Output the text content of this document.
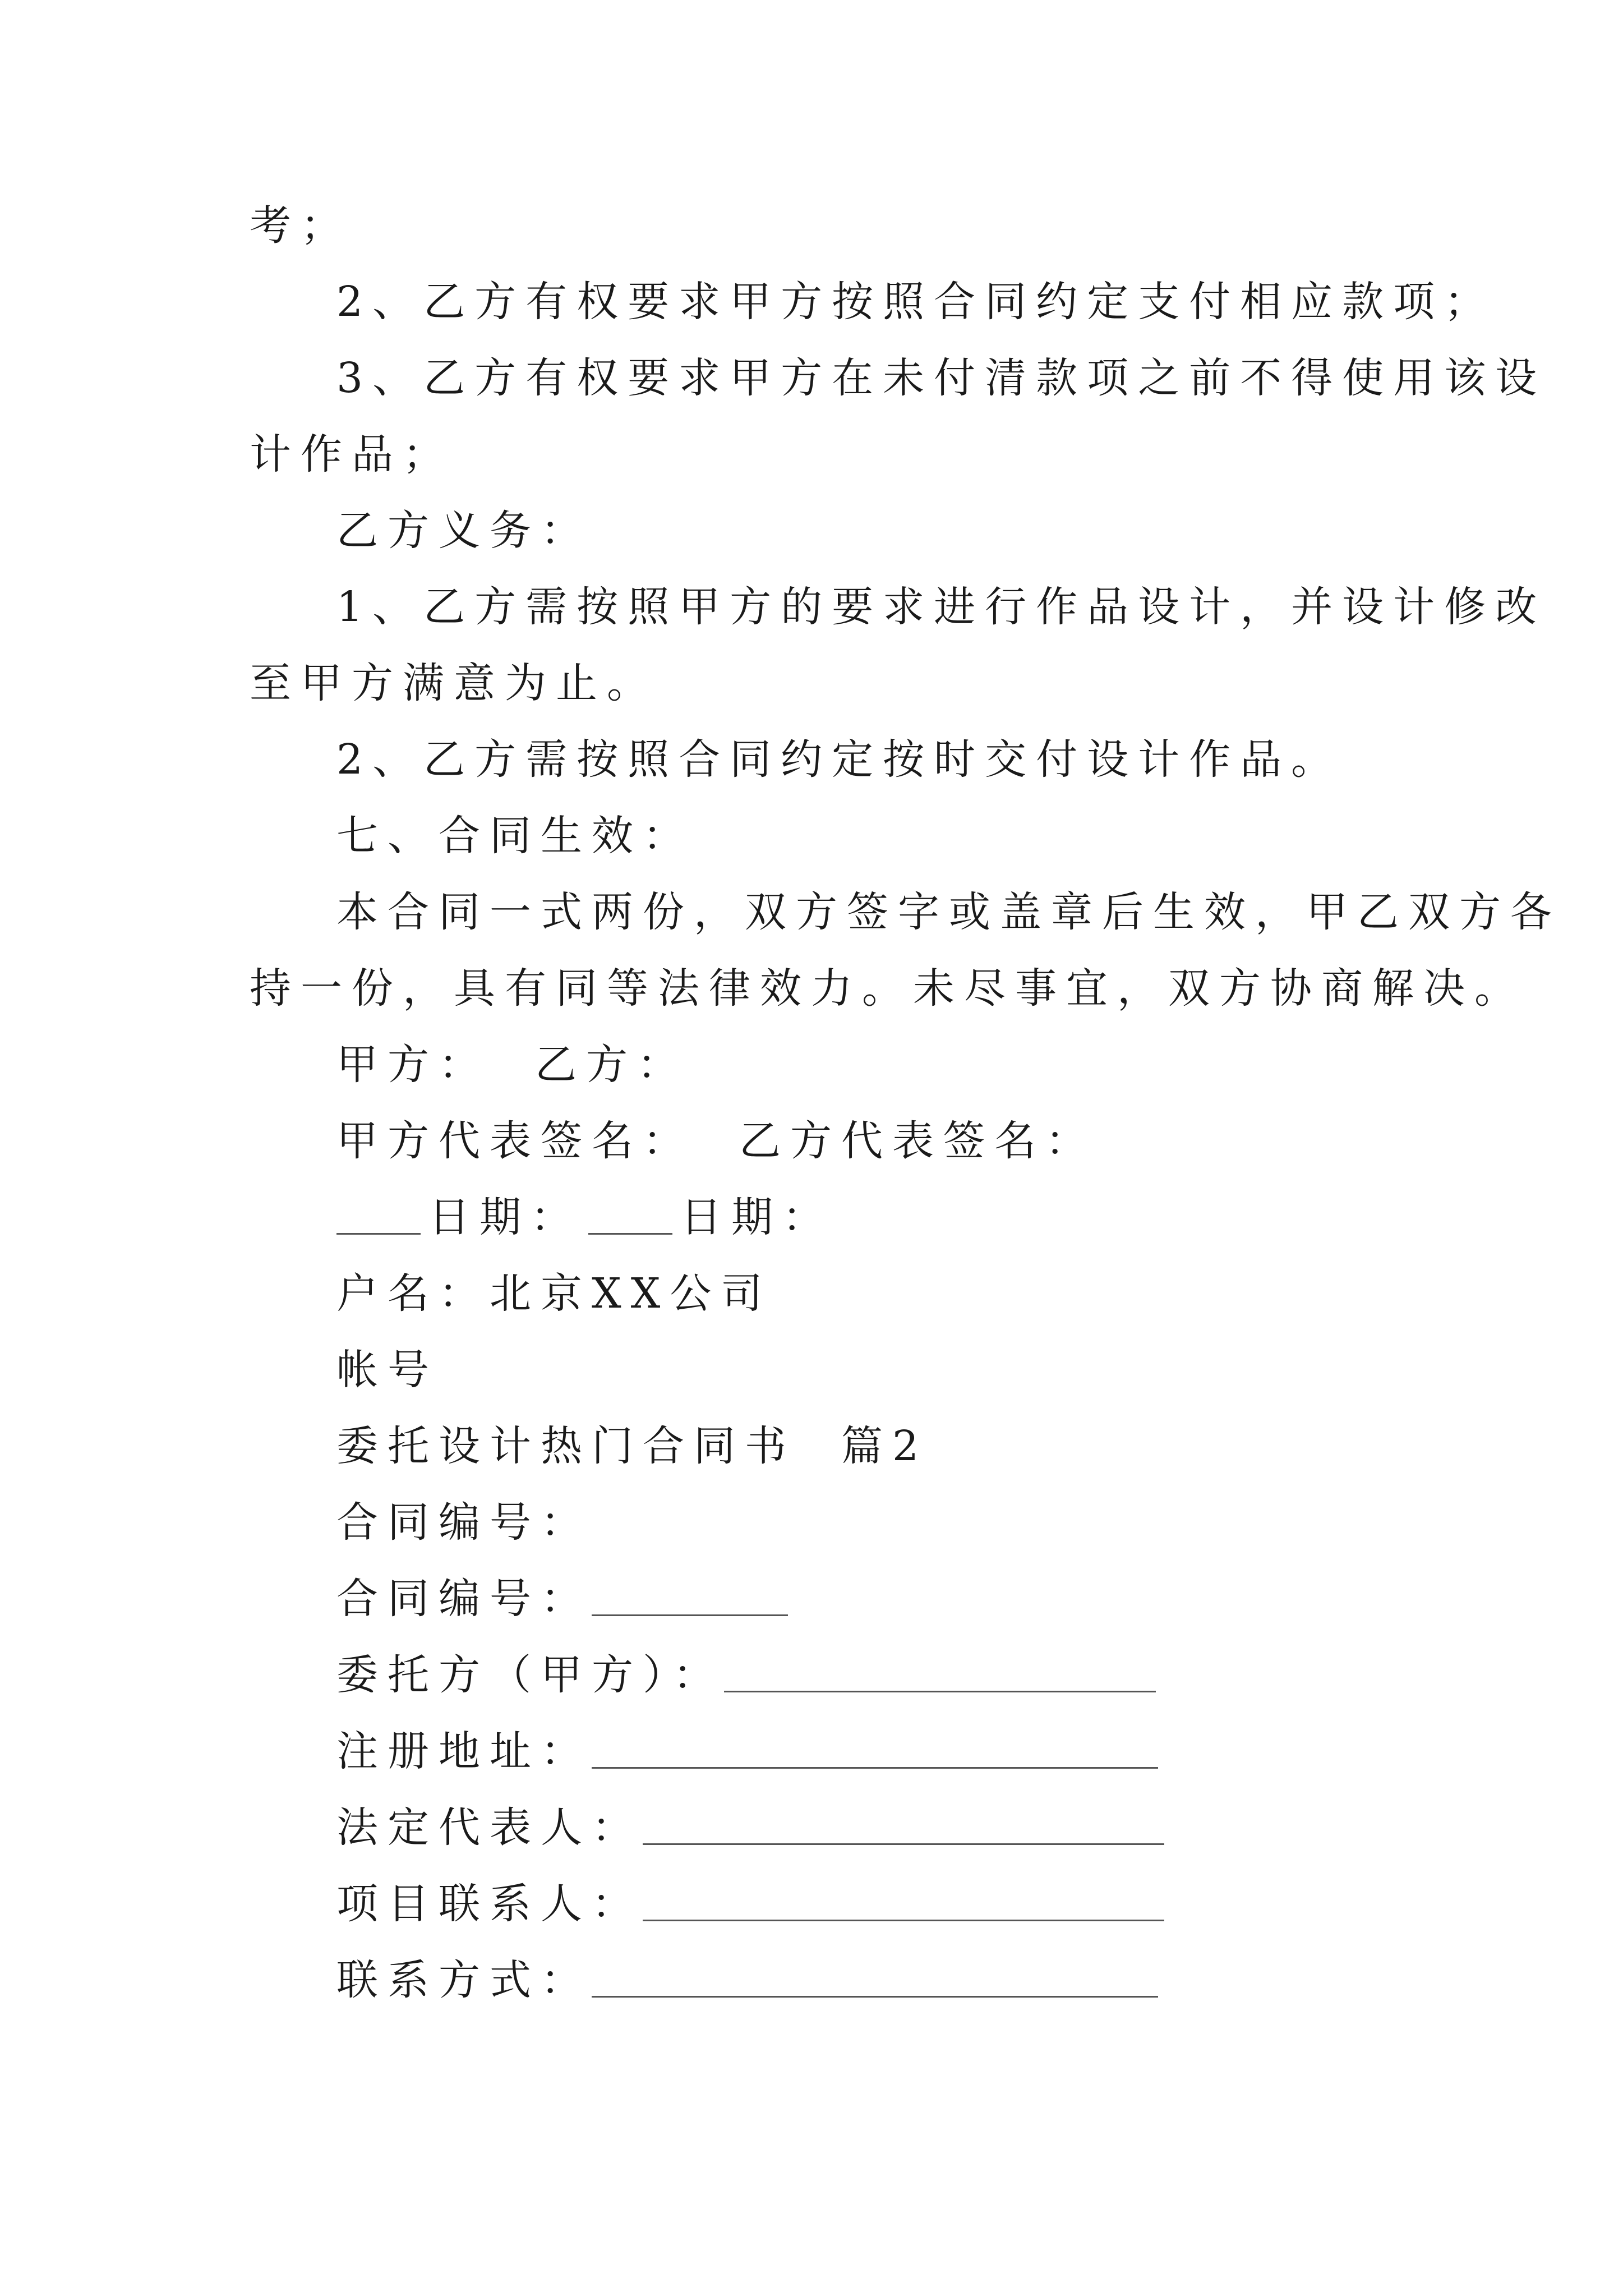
考；
2、乙方有权要求甲方按照合同约定支付相应款项；
3、乙方有权要求甲方在未付清款项之前不得使用该设
计作品；
乙方义务：
1、乙方需按照甲方的要求进行作品设计，并设计修改
至甲方满意为止。
2、乙方需按照合同约定按时交付设计作品。
七、合同生效：
本合同一式两份，双方签字或盖章后生效，甲乙双方各
持一份，具有同等法律效力。未尽事宜，双方协商解决。
甲方：  乙方：
甲方代表签名：  乙方代表签名：
日期： 日期：
户名：北京XX公司
帐号
委托设计热门合同书  篇2
合同编号：
合同编号：
委托方（甲方）：
注册地址：
法定代表人：
项目联系人：
联系方式：
